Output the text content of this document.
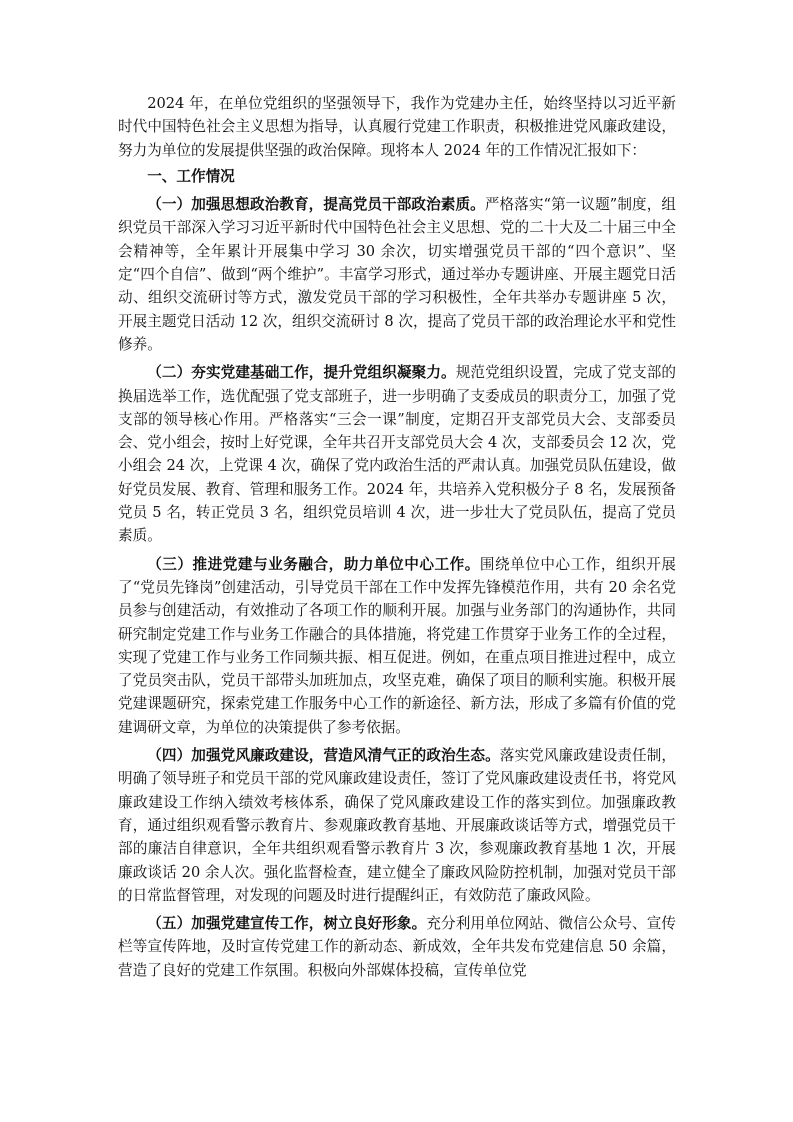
2024 年，在单位党组织的坚强领导下，我作为党建办主任，始终坚持以习近平新时代中国特色社会主义思想为指导，认真履行党建工作职责，积极推进党风廉政建设，努力为单位的发展提供坚强的政治保障。现将本人 2024 年的工作情况汇报如下：

一、工作情况

（一）加强思想政治教育，提高党员干部政治素质。严格落实“第一议题”制度，组织党员干部深入学习习近平新时代中国特色社会主义思想、党的二十大及二十届三中全会精神等，全年累计开展集中学习 30 余次，切实增强党员干部的“四个意识”、坚定“四个自信”、做到“两个维护”。丰富学习形式，通过举办专题讲座、开展主题党日活动、组织交流研讨等方式，激发党员干部的学习积极性，全年共举办专题讲座 5 次，开展主题党日活动 12 次，组织交流研讨 8 次，提高了党员干部的政治理论水平和党性修养。

（二）夯实党建基础工作，提升党组织凝聚力。规范党组织设置，完成了党支部的换届选举工作，选优配强了党支部班子，进一步明确了支委成员的职责分工，加强了党支部的领导核心作用。严格落实“三会一课”制度，定期召开支部党员大会、支部委员会、党小组会，按时上好党课，全年共召开支部党员大会 4 次，支部委员会 12 次，党小组会 24 次，上党课 4 次，确保了党内政治生活的严肃认真。加强党员队伍建设，做好党员发展、教育、管理和服务工作。2024 年，共培养入党积极分子 8 名，发展预备党员 5 名，转正党员 3 名，组织党员培训 4 次，进一步壮大了党员队伍，提高了党员素质。

（三）推进党建与业务融合，助力单位中心工作。围绕单位中心工作，组织开展了“党员先锋岗”创建活动，引导党员干部在工作中发挥先锋模范作用，共有 20 余名党员参与创建活动，有效推动了各项工作的顺利开展。加强与业务部门的沟通协作，共同研究制定党建工作与业务工作融合的具体措施，将党建工作贯穿于业务工作的全过程，实现了党建工作与业务工作同频共振、相互促进。例如，在重点项目推进过程中，成立了党员突击队，党员干部带头加班加点，攻坚克难，确保了项目的顺利实施。积极开展党建课题研究，探索党建工作服务中心工作的新途径、新方法，形成了多篇有价值的党建调研文章，为单位的决策提供了参考依据。

（四）加强党风廉政建设，营造风清气正的政治生态。落实党风廉政建设责任制，明确了领导班子和党员干部的党风廉政建设责任，签订了党风廉政建设责任书，将党风廉政建设工作纳入绩效考核体系，确保了党风廉政建设工作的落实到位。加强廉政教育，通过组织观看警示教育片、参观廉政教育基地、开展廉政谈话等方式，增强党员干部的廉洁自律意识，全年共组织观看警示教育片 3 次，参观廉政教育基地 1 次，开展廉政谈话 20 余人次。强化监督检查，建立健全了廉政风险防控机制，加强对党员干部的日常监督管理，对发现的问题及时进行提醒纠正，有效防范了廉政风险。

（五）加强党建宣传工作，树立良好形象。充分利用单位网站、微信公众号、宣传栏等宣传阵地，及时宣传党建工作的新动态、新成效，全年共发布党建信息 50 余篇，营造了良好的党建工作氛围。积极向外部媒体投稿，宣传单位党
